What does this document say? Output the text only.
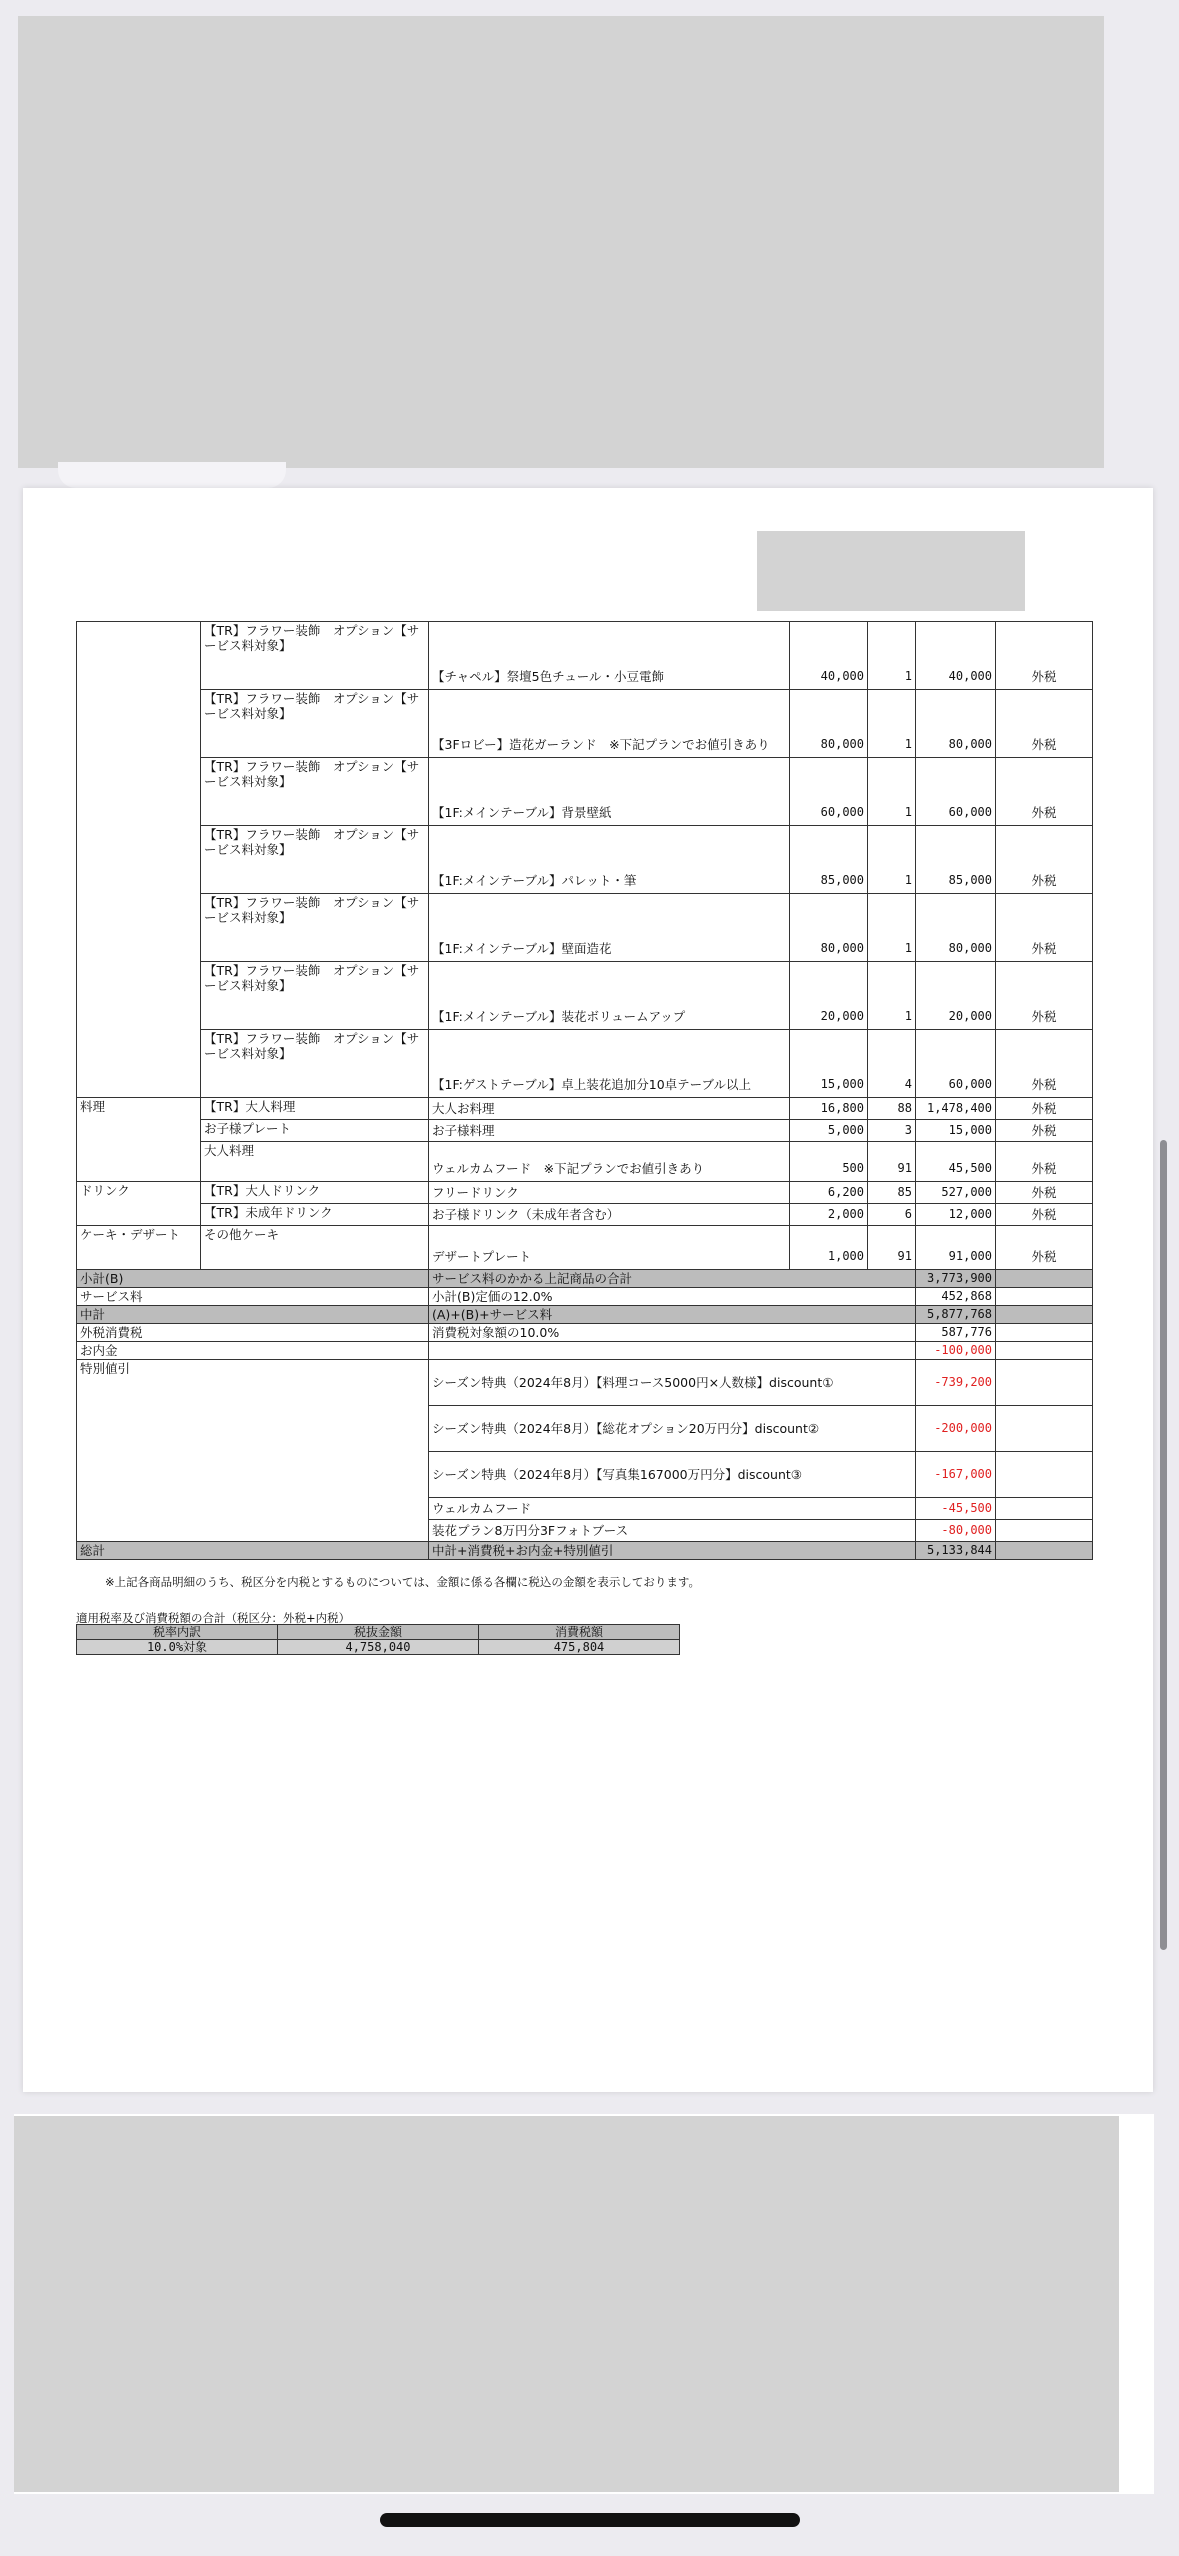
	【TR】フラワー装飾　オプション【サービス料対象】	【チャペル】祭壇5色チュール・小豆電飾	40,000	1	40,000	外税
	【TR】フラワー装飾　オプション【サービス料対象】	【3Fロビー】造花ガーランド　※下記プランでお値引きあり	80,000	1	80,000	外税
	【TR】フラワー装飾　オプション【サービス料対象】	【1F:メインテーブル】背景壁紙	60,000	1	60,000	外税
	【TR】フラワー装飾　オプション【サービス料対象】	【1F:メインテーブル】パレット・筆	85,000	1	85,000	外税
	【TR】フラワー装飾　オプション【サービス料対象】	【1F:メインテーブル】壁面造花	80,000	1	80,000	外税
	【TR】フラワー装飾　オプション【サービス料対象】	【1F:メインテーブル】装花ボリュームアップ	20,000	1	20,000	外税
	【TR】フラワー装飾　オプション【サービス料対象】	【1F:ゲストテーブル】卓上装花追加分10卓テーブル以上	15,000	4	60,000	外税
料理	【TR】大人料理	大人お料理	16,800	88	1,478,400	外税
	お子様プレート	お子様料理	5,000	3	15,000	外税
	大人料理	ウェルカムフード　※下記プランでお値引きあり	500	91	45,500	外税
ドリンク	【TR】大人ドリンク	フリードリンク	6,200	85	527,000	外税
	【TR】未成年ドリンク	お子様ドリンク（未成年者含む）	2,000	6	12,000	外税
ケーキ・デザート	その他ケーキ	デザートプレート	1,000	91	91,000	外税
小計(B)		サービス料のかかる上記商品の合計			3,773,900	
サービス料		小計(B)定価の12.0%			452,868	
中計		(A)+(B)+サービス料			5,877,768	
外税消費税		消費税対象額の10.0%			587,776	
お内金					-100,000	
特別値引		シーズン特典（2024年8月）【料理コース5000円×人数様】discount①			-739,200	
		シーズン特典（2024年8月）【総花オプション20万円分】discount②			-200,000	
		シーズン特典（2024年8月）【写真集167000万円分】discount③			-167,000	
		ウェルカムフード			-45,500	
		装花プラン8万円分3Fフォトブース			-80,000	
総計		中計+消費税+お内金+特別値引			5,133,844	
※上記各商品明細のうち、税区分を内税とするものについては、金額に係る各欄に税込の金額を表示しております。
適用税率及び消費税額の合計（税区分：外税+内税）
税率内訳	税抜金額	消費税額
10.0%対象	4,758,040	475,804
